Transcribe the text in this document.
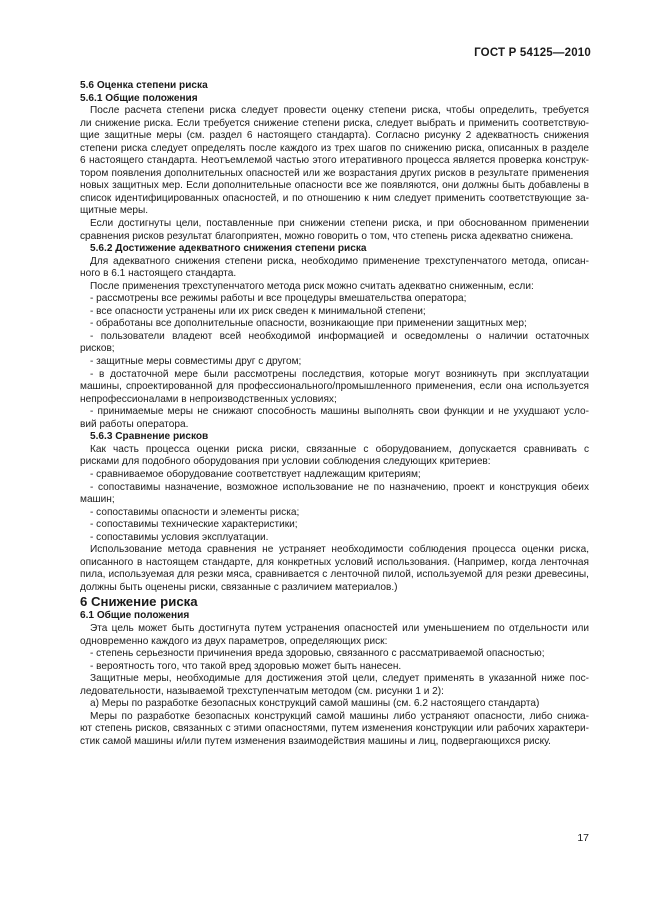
ГОСТ Р 54125—2010

5.6 Оценка степени риска

5.6.1 Общие положения

После расчета степени риска следует провести оценку степени риска, чтобы определить, требуется

ли снижение риска. Если требуется снижение степени риска, следует выбрать и применить соответствую-

щие защитные меры (см. раздел 6 настоящего стандарта). Согласно рисунку 2 адекватность снижения

степени риска следует определять после каждого из трех шагов по снижению риска, описанных в разделе

6 настоящего стандарта. Неотъемлемой частью этого итеративного процесса является проверка конструк-

тором появления дополнительных опасностей или же возрастания других рисков в результате применения

новых защитных мер. Если дополнительные опасности все же появляются, они должны быть добавлены в

список идентифицированных опасностей, и по отношению к ним следует применить соответствующие за-

щитные меры.

Если достигнуты цели, поставленные при снижении степени риска, и при обоснованном применении

сравнения рисков результат благоприятен, можно говорить о том, что степень риска адекватно снижена.

5.6.2 Достижение адекватного снижения степени риска

Для адекватного снижения степени риска, необходимо применение трехступенчатого метода, описан-

ного в 6.1 настоящего стандарта.

После применения трехступенчатого метода риск можно считать адекватно сниженным, если:

- рассмотрены все режимы работы и все процедуры вмешательства оператора;

- все опасности устранены или их риск сведен к минимальной степени;

- обработаны все дополнительные опасности, возникающие при применении защитных мер;

- пользователи владеют всей необходимой информацией и осведомлены о наличии остаточных

рисков;

- защитные меры совместимы друг с другом;

- в достаточной мере были рассмотрены последствия, которые могут возникнуть при эксплуатации

машины, спроектированной для профессионального/промышленного применения, если она используется

непрофессионалами в непроизводственных условиях;

- принимаемые меры не снижают способность машины выполнять свои функции и не ухудшают усло-

вий работы оператора.

5.6.3 Сравнение рисков

Как часть процесса оценки риска риски, связанные с оборудованием, допускается сравнивать с

рисками для подобного оборудования при условии соблюдения следующих критериев:

- сравниваемое оборудование соответствует надлежащим критериям;

- сопоставимы назначение, возможное использование не по назначению, проект и конструкция обеих

машин;

- сопоставимы опасности и элементы риска;

- сопоставимы технические характеристики;

- сопоставимы условия эксплуатации.

Использование метода сравнения не устраняет необходимости соблюдения процесса оценки риска,

описанного в настоящем стандарте, для конкретных условий использования. (Например, когда ленточная

пила, используемая для резки мяса, сравнивается с ленточной пилой, используемой для резки древесины,

должны быть оценены риски, связанные с различием материалов.)

6 Снижение риска

6.1 Общие положения

Эта цель может быть достигнута путем устранения опасностей или уменьшением по отдельности или

одновременно каждого из двух параметров, определяющих риск:

- степень серьезности причинения вреда здоровью, связанного с рассматриваемой опасностью;

- вероятность того, что такой вред здоровью может быть нанесен.

Защитные меры, необходимые для достижения этой цели, следует применять в указанной ниже пос-

ледовательности, называемой трехступенчатым методом (см. рисунки 1 и 2):

а) Меры по разработке безопасных конструкций самой машины (см. 6.2 настоящего стандарта)

Меры по разработке безопасных конструкций самой машины либо устраняют опасности, либо снижа-

ют степень рисков, связанных с этими опасностями, путем изменения конструкции или рабочих характери-

стик самой машины и/или путем изменения взаимодействия машины и лиц, подвергающихся риску.

17
